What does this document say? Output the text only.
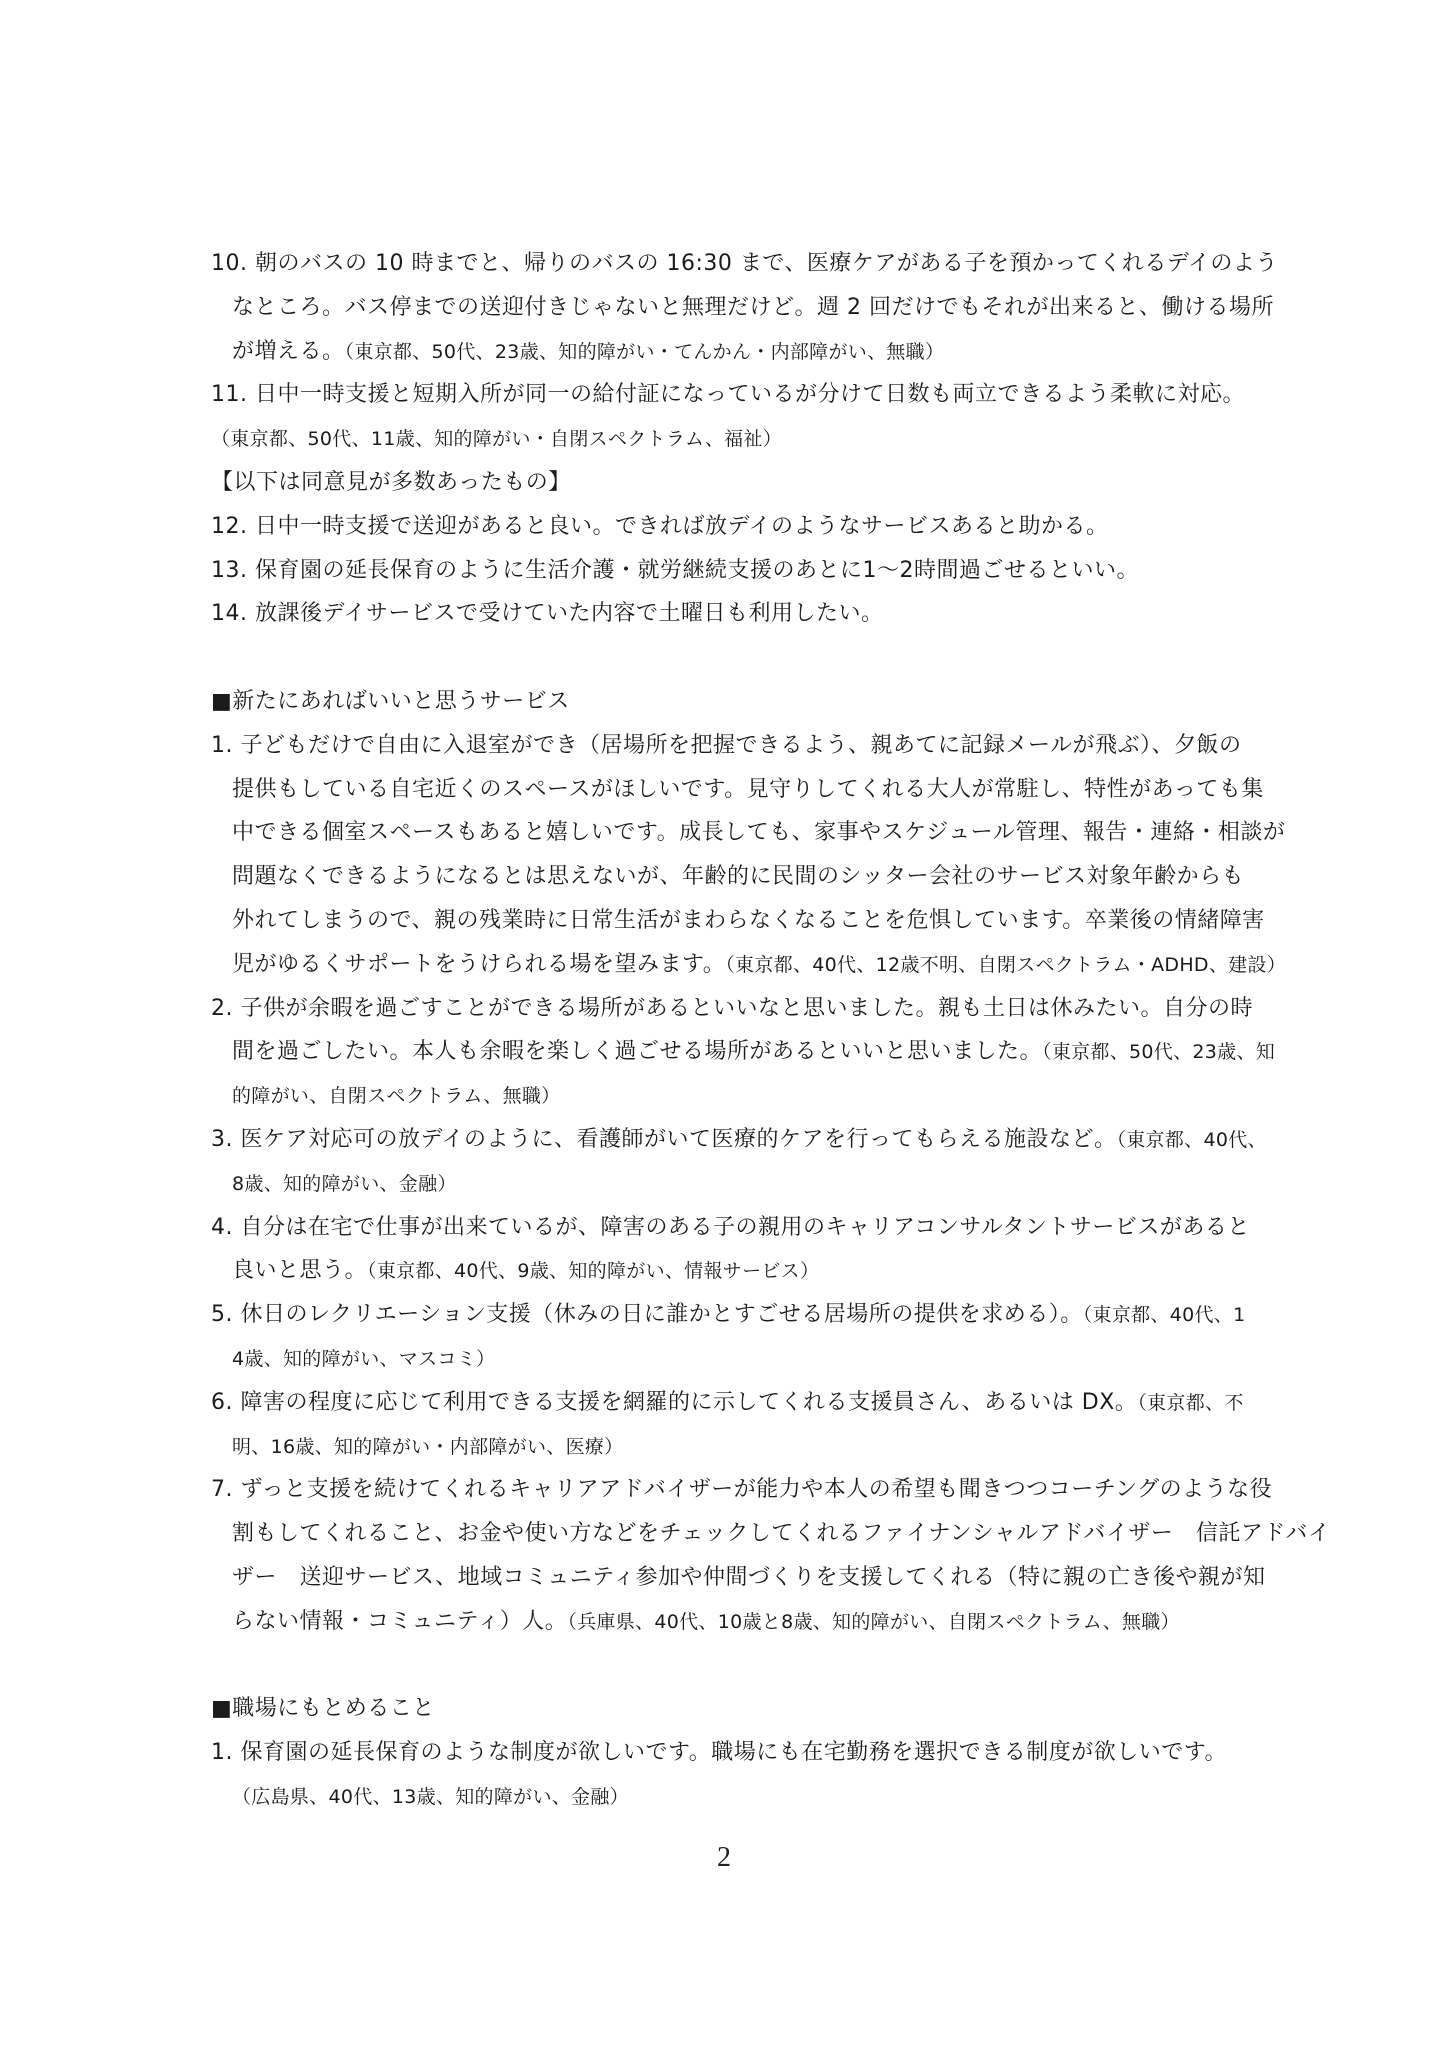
10. 朝のバスの 10 時までと、帰りのバスの 16:30 まで、医療ケアがある子を預かってくれるデイのよう
なところ。バス停までの送迎付きじゃないと無理だけど。週 2 回だけでもそれが出来ると、働ける場所
が増える。（東京都、50代、23歳、知的障がい・てんかん・内部障がい、無職）
11. 日中一時支援と短期入所が同一の給付証になっているが分けて日数も両立できるよう柔軟に対応。
（東京都、50代、11歳、知的障がい・自閉スペクトラム、福祉）
【以下は同意見が多数あったもの】
12. 日中一時支援で送迎があると良い。できれば放デイのようなサービスあると助かる。
13. 保育園の延長保育のように生活介護・就労継続支援のあとに1～2時間過ごせるといい。
14. 放課後デイサービスで受けていた内容で土曜日も利用したい。
■新たにあればいいと思うサービス
1. 子どもだけで自由に入退室ができ（居場所を把握できるよう、親あてに記録メールが飛ぶ）、夕飯の
提供もしている自宅近くのスペースがほしいです。見守りしてくれる大人が常駐し、特性があっても集
中できる個室スペースもあると嬉しいです。成長しても、家事やスケジュール管理、報告・連絡・相談が
問題なくできるようになるとは思えないが、年齢的に民間のシッター会社のサービス対象年齢からも
外れてしまうので、親の残業時に日常生活がまわらなくなることを危惧しています。卒業後の情緒障害
児がゆるくサポートをうけられる場を望みます。（東京都、40代、12歳不明、自閉スペクトラム・ADHD、建設）
2. 子供が余暇を過ごすことができる場所があるといいなと思いました。親も土日は休みたい。自分の時
間を過ごしたい。本人も余暇を楽しく過ごせる場所があるといいと思いました。（東京都、50代、23歳、知
的障がい、自閉スペクトラム、無職）
3. 医ケア対応可の放デイのように、看護師がいて医療的ケアを行ってもらえる施設など。（東京都、40代、
8歳、知的障がい、金融）
4. 自分は在宅で仕事が出来ているが、障害のある子の親用のキャリアコンサルタントサービスがあると
良いと思う。（東京都、40代、9歳、知的障がい、情報サービス）
5. 休日のレクリエーション支援（休みの日に誰かとすごせる居場所の提供を求める）。（東京都、40代、1
4歳、知的障がい、マスコミ）
6. 障害の程度に応じて利用できる支援を網羅的に示してくれる支援員さん、あるいは DX。（東京都、不
明、16歳、知的障がい・内部障がい、医療）
7. ずっと支援を続けてくれるキャリアアドバイザーが能力や本人の希望も聞きつつコーチングのような役
割もしてくれること、お金や使い方などをチェックしてくれるファイナンシャルアドバイザー　信託アドバイ
ザー　送迎サービス、地域コミュニティ参加や仲間づくりを支援してくれる（特に親の亡き後や親が知
らない情報・コミュニティ）人。（兵庫県、40代、10歳と8歳、知的障がい、自閉スペクトラム、無職）
■職場にもとめること
1. 保育園の延長保育のような制度が欲しいです。職場にも在宅勤務を選択できる制度が欲しいです。
（広島県、40代、13歳、知的障がい、金融）
2
